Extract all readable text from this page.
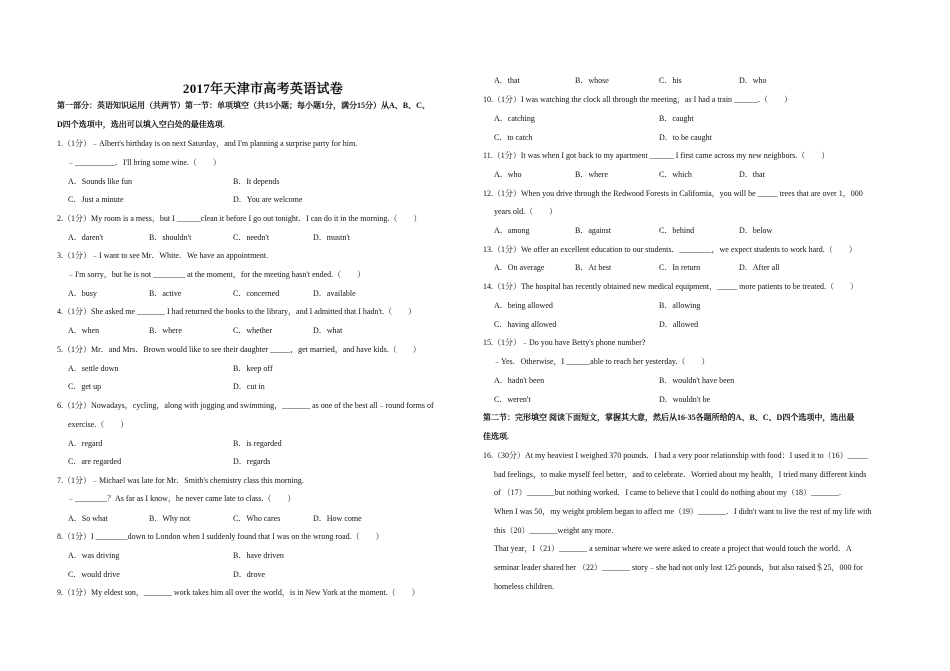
2017年天津市高考英语试卷
第一部分：英语知识运用（共两节）第一节：单项填空（共15小题；每小题1分，满分15分）从A、B、C、
D四个选项中，选出可以填入空白处的最佳选项.
1.（1分）﹣Albert's birthday is on next Saturday，and I'm planning a surprise party for him.
﹣__________．I'll bring some wine.（　　）
A．Sounds like fun	B．It depends
C．Just a minute	D．You are welcome
2.（1分）My room is a mess，but I ______clean it before I go out tonight．I can do it in the morning.（　　）
A．daren't	B．shouldn't	C．needn't	D．mustn't
3.（1分）﹣I want to see Mr．White．We have an appointment.
﹣I'm sorry，but he is not ________ at the moment，for the meeting hasn't ended.（　　）
A．busy	B．active	C．concerned	D．available
4.（1分）She asked me _______ I had returned the books to the library，and I admitted that I hadn't.（　　）
A．when	B．where	C．whether	D．what
5.（1分）Mr．and Mrs．Brown would like to see their daughter _____，get married，and have kids.（　　）
A．settle down	B．keep off
C．get up	D．cut in
6.（1分）Nowadays，cycling，along with jogging and swimming，_______ as one of the best all﹣round forms of
exercise.（　　）
A．regard	B．is regarded
C．are regarded	D．regards
7.（1分）﹣Michael was late for Mr．Smith's chemistry class this morning.
﹣________？As far as I know，he never came late to class.（　　）
A．So what	B．Why not	C．Who cares	D．How come
8.（1分）I ________down to London when I suddenly found that I was on the wrong road.（　　）
A．was driving	B．have driven
C．would drive	D．drove
9.（1分）My eldest son，_______ work takes him all over the world，is in New York at the moment.（　　）
A．that	B．whose	C．his	D．who
10.（1分）I was watching the clock all through the meeting，as I had a train ______.（　　）
A．catching	B．caught
C．to catch	D．to be caught
11.（1分）It was when I got back to my apartment ______ I first came across my new neighbors.（　　）
A．who	B．where	C．which	D．that
12.（1分）When you drive through the Redwood Forests in California，you will be _____ trees that are over 1，000
years old.（　　）
A．among	B．against	C．behind	D．below
13.（1分）We offer an excellent education to our students．________，we expect students to work hard.（　　）
A．On average	B．At best	C．In return	D．After all
14.（1分）The hospital has recently obtained new medical equipment，_____ more patients to be treated.（　　）
A．being allowed	B．allowing
C．having allowed	D．allowed
15.（1分）﹣Do you have Betty's phone number?
﹣Yes．Otherwise，I ______able to reach her yesterday.（　　）
A．hadn't been	B．wouldn't have been
C．weren't	D．wouldn't be
第二节：完形填空 阅读下面短文，掌握其大意，然后从16-35各题所给的A、B、C、D四个选项中，选出最
佳选项.
16.（30分）At my heaviest I weighed 370 pounds．I had a very poor relationship with food：I used it to（16）_____
bad feelings，to make myself feel better，and to celebrate．Worried about my health，I tried many different kinds
of （17）_______but nothing worked．I came to believe that I could do nothing about my（18）_______.
When I was 50，my weight problem began to affect me（19）_______．I didn't want to live the rest of my life with
this（20）_______weight any more.
That year，I（21）_______ a seminar where we were asked to create a project that would touch the world．A
seminar leader shared her （22）_______ story﹣she had not only lost 125 pounds，but also raised＄25，000 for
homeless children.
